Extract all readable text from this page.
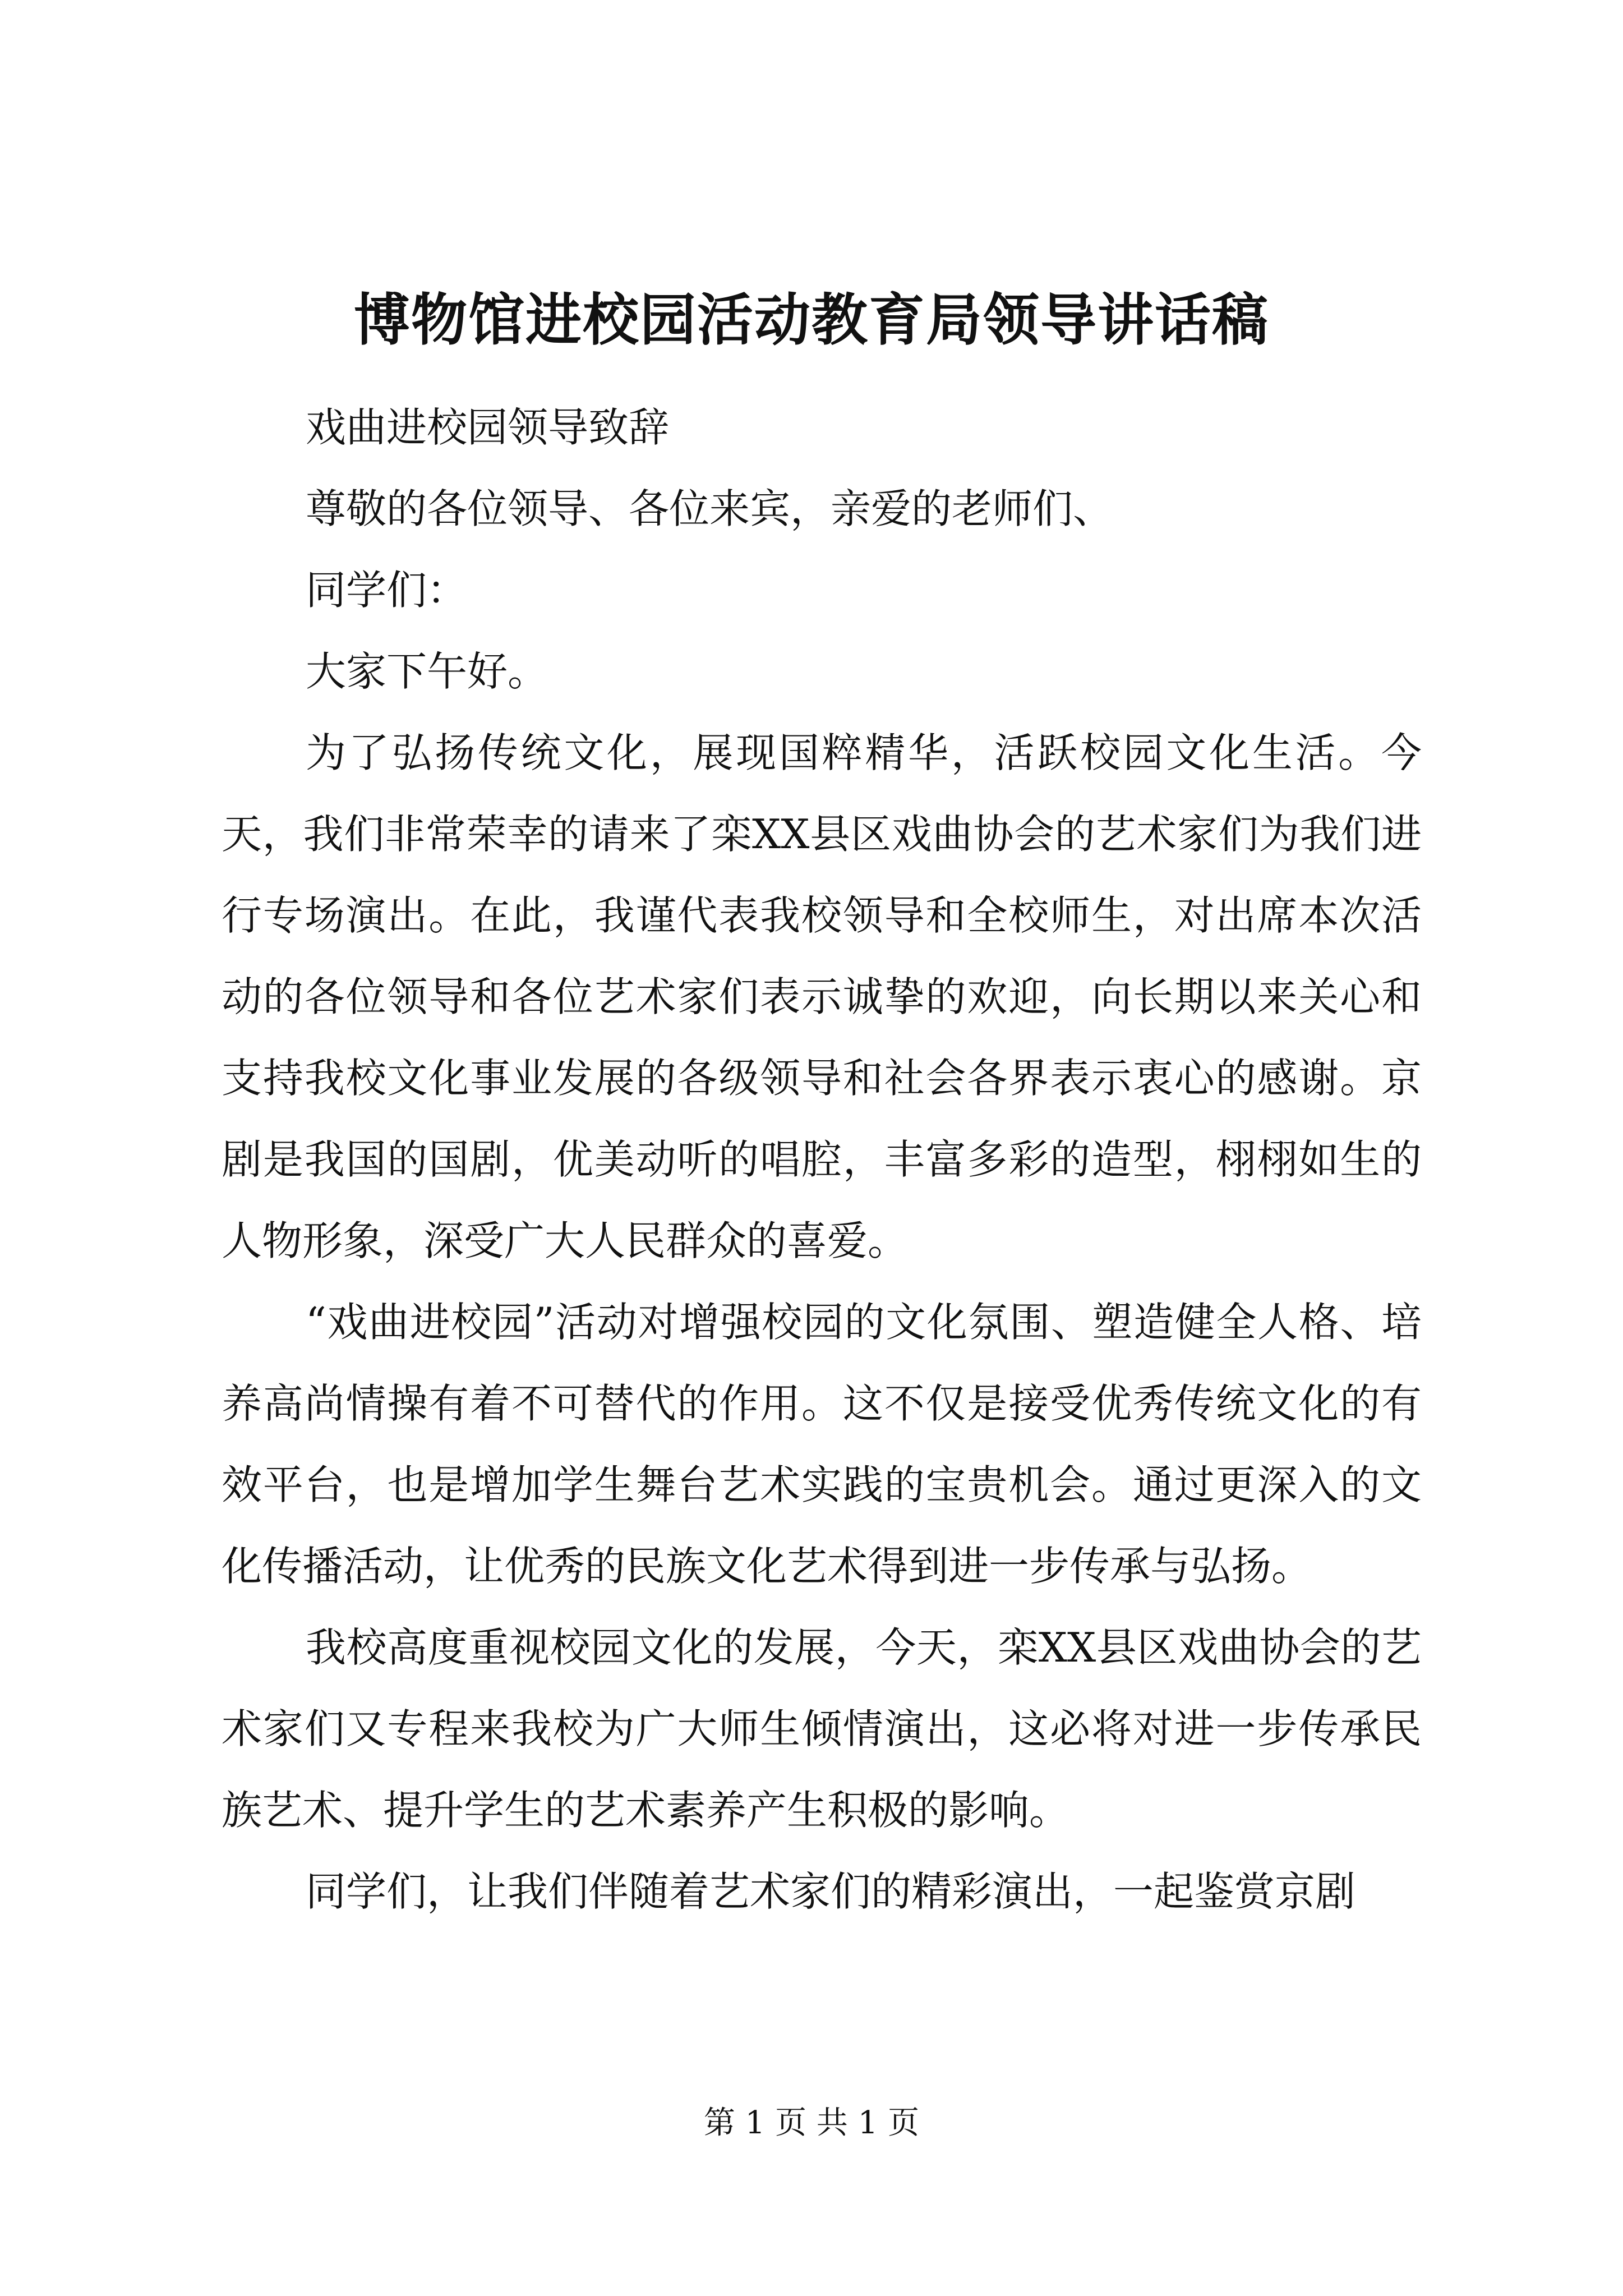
博物馆进校园活动教育局领导讲话稿

戏曲进校园领导致辞

尊敬的各位领导、各位来宾，亲爱的老师们、

同学们：

大家下午好。

为了弘扬传统文化，展现国粹精华，活跃校园文化生活。今天，我们非常荣幸的请来了栾XX县区戏曲协会的艺术家们为我们进行专场演出。在此，我谨代表我校领导和全校师生，对出席本次活动的各位领导和各位艺术家们表示诚挚的欢迎，向长期以来关心和支持我校文化事业发展的各级领导和社会各界表示衷心的感谢。京剧是我国的国剧，优美动听的唱腔，丰富多彩的造型，栩栩如生的人物形象，深受广大人民群众的喜爱。

“戏曲进校园”活动对增强校园的文化氛围、塑造健全人格、培养高尚情操有着不可替代的作用。这不仅是接受优秀传统文化的有效平台，也是增加学生舞台艺术实践的宝贵机会。通过更深入的文化传播活动，让优秀的民族文化艺术得到进一步传承与弘扬。

我校高度重视校园文化的发展，今天，栾XX县区戏曲协会的艺术家们又专程来我校为广大师生倾情演出，这必将对进一步传承民族艺术、提升学生的艺术素养产生积极的影响。

同学们，让我们伴随着艺术家们的精彩演出，一起鉴赏京剧

第 1 页 共 1 页
